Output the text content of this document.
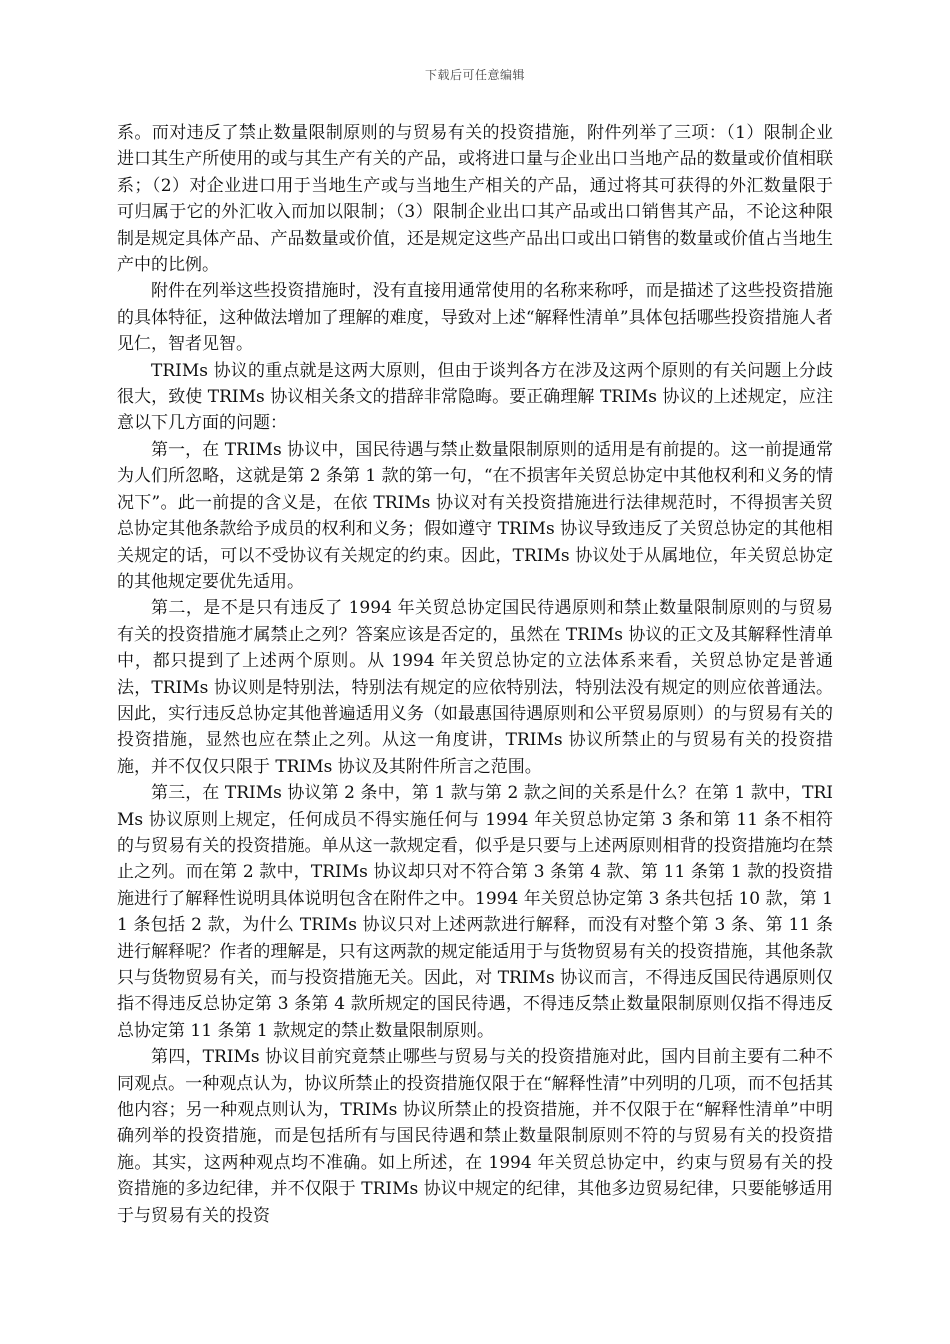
下载后可任意编辑

系。而对违反了禁止数量限制原则的与贸易有关的投资措施，附件列举了三项：（1）限制企业进口其生产所使用的或与其生产有关的产品，或将进口量与企业出口当地产品的数量或价值相联系；（2）对企业进口用于当地生产或与当地生产相关的产品，通过将其可获得的外汇数量限于可归属于它的外汇收入而加以限制；（3）限制企业出口其产品或出口销售其产品，不论这种限制是规定具体产品、产品数量或价值，还是规定这些产品出口或出口销售的数量或价值占当地生产中的比例。

附件在列举这些投资措施时，没有直接用通常使用的名称来称呼，而是描述了这些投资措施的具体特征，这种做法增加了理解的难度，导致对上述“解释性清单”具体包括哪些投资措施人者见仁，智者见智。

TRIMs 协议的重点就是这两大原则，但由于谈判各方在涉及这两个原则的有关问题上分歧很大，致使 TRIMs 协议相关条文的措辞非常隐晦。要正确理解 TRIMs 协议的上述规定，应注意以下几方面的问题：

第一，在 TRIMs 协议中，国民待遇与禁止数量限制原则的适用是有前提的。这一前提通常为人们所忽略，这就是第 2 条第 1 款的第一句，“在不损害年关贸总协定中其他权利和义务的情况下”。此一前提的含义是，在依 TRIMs 协议对有关投资措施进行法律规范时，不得损害关贸总协定其他条款给予成员的权利和义务；假如遵守 TRIMs 协议导致违反了关贸总协定的其他相关规定的话，可以不受协议有关规定的约束。因此，TRIMs 协议处于从属地位，年关贸总协定的其他规定要优先适用。

第二，是不是只有违反了 1994 年关贸总协定国民待遇原则和禁止数量限制原则的与贸易有关的投资措施才属禁止之列？答案应该是否定的，虽然在 TRIMs 协议的正文及其解释性清单中，都只提到了上述两个原则。从 1994 年关贸总协定的立法体系来看，关贸总协定是普通法，TRIMs 协议则是特别法，特别法有规定的应依特别法，特别法没有规定的则应依普通法。因此，实行违反总协定其他普遍适用义务（如最惠国待遇原则和公平贸易原则）的与贸易有关的投资措施，显然也应在禁止之列。从这一角度讲，TRIMs 协议所禁止的与贸易有关的投资措施，并不仅仅只限于 TRIMs 协议及其附件所言之范围。

第三，在 TRIMs 协议第 2 条中，第 1 款与第 2 款之间的关系是什么？在第 1 款中，TRIMs 协议原则上规定，任何成员不得实施任何与 1994 年关贸总协定第 3 条和第 11 条不相符的与贸易有关的投资措施。单从这一款规定看，似乎是只要与上述两原则相背的投资措施均在禁止之列。而在第 2 款中，TRIMs 协议却只对不符合第 3 条第 4 款、第 11 条第 1 款的投资措施进行了解释性说明具体说明包含在附件之中。1994 年关贸总协定第 3 条共包括 10 款，第 11 条包括 2 款，为什么 TRIMs 协议只对上述两款进行解释，而没有对整个第 3 条、第 11 条进行解释呢？作者的理解是，只有这两款的规定能适用于与货物贸易有关的投资措施，其他条款只与货物贸易有关，而与投资措施无关。因此，对 TRIMs 协议而言，不得违反国民待遇原则仅指不得违反总协定第 3 条第 4 款所规定的国民待遇，不得违反禁止数量限制原则仅指不得违反总协定第 11 条第 1 款规定的禁止数量限制原则。

第四，TRIMs 协议目前究竟禁止哪些与贸易与关的投资措施对此，国内目前主要有二种不同观点。一种观点认为，协议所禁止的投资措施仅限于在“解释性清”中列明的几项，而不包括其他内容；另一种观点则认为，TRIMs 协议所禁止的投资措施，并不仅限于在“解释性清单”中明确列举的投资措施，而是包括所有与国民待遇和禁止数量限制原则不符的与贸易有关的投资措施。其实，这两种观点均不准确。如上所述，在 1994 年关贸总协定中，约束与贸易有关的投资措施的多边纪律，并不仅限于 TRIMs 协议中规定的纪律，其他多边贸易纪律，只要能够适用于与贸易有关的投资
